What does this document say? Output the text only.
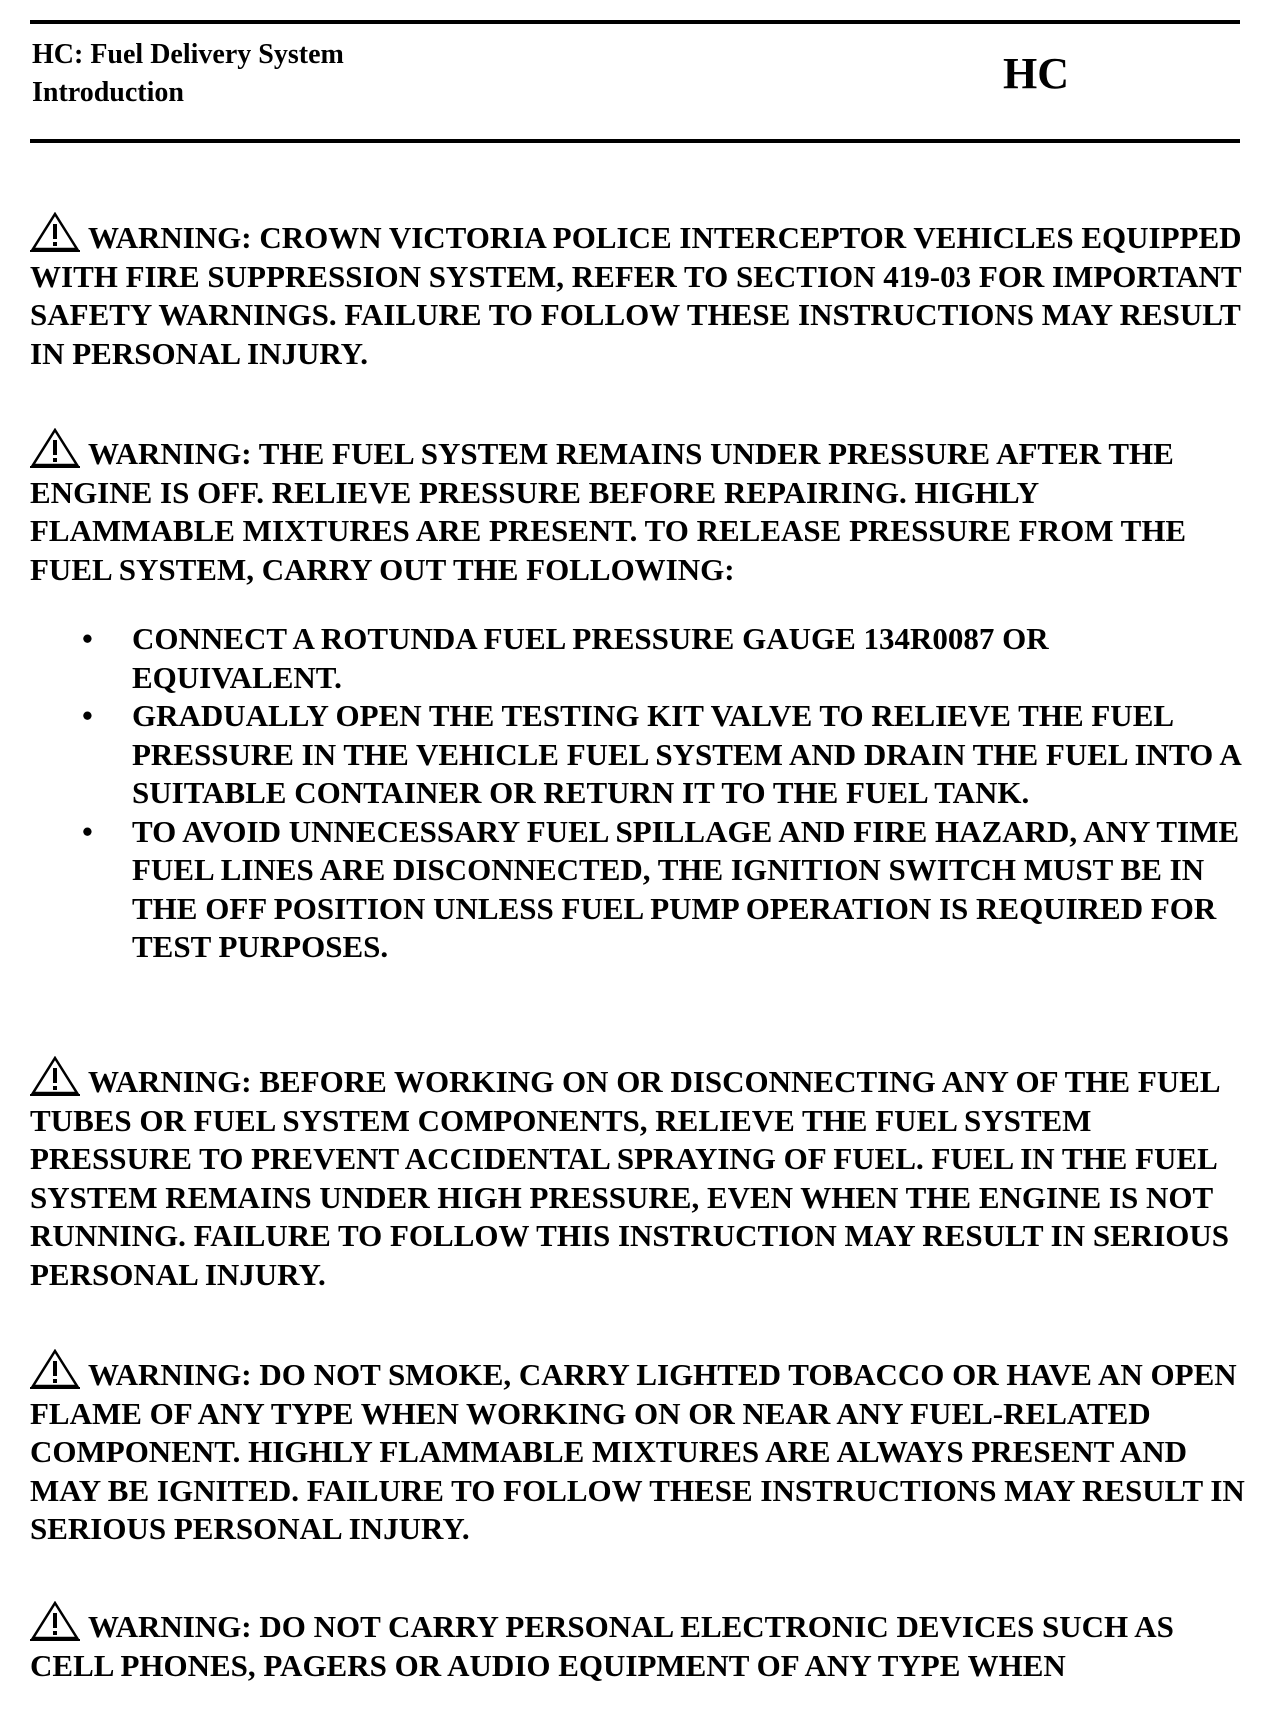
HC: Fuel Delivery System
Introduction	HC
WARNING: CROWN VICTORIA POLICE INTERCEPTOR VEHICLES EQUIPPED WITH FIRE SUPPRESSION SYSTEM, REFER TO SECTION 419-03 FOR IMPORTANT SAFETY WARNINGS. FAILURE TO FOLLOW THESE INSTRUCTIONS MAY RESULT IN PERSONAL INJURY.
WARNING: THE FUEL SYSTEM REMAINS UNDER PRESSURE AFTER THE ENGINE IS OFF. RELIEVE PRESSURE BEFORE REPAIRING. HIGHLY FLAMMABLE MIXTURES ARE PRESENT. TO RELEASE PRESSURE FROM THE FUEL SYSTEM, CARRY OUT THE FOLLOWING:
• CONNECT A ROTUNDA FUEL PRESSURE GAUGE 134R0087 OR EQUIVALENT.
• GRADUALLY OPEN THE TESTING KIT VALVE TO RELIEVE THE FUEL PRESSURE IN THE VEHICLE FUEL SYSTEM AND DRAIN THE FUEL INTO A SUITABLE CONTAINER OR RETURN IT TO THE FUEL TANK.
• TO AVOID UNNECESSARY FUEL SPILLAGE AND FIRE HAZARD, ANY TIME FUEL LINES ARE DISCONNECTED, THE IGNITION SWITCH MUST BE IN THE OFF POSITION UNLESS FUEL PUMP OPERATION IS REQUIRED FOR TEST PURPOSES.
WARNING: BEFORE WORKING ON OR DISCONNECTING ANY OF THE FUEL TUBES OR FUEL SYSTEM COMPONENTS, RELIEVE THE FUEL SYSTEM PRESSURE TO PREVENT ACCIDENTAL SPRAYING OF FUEL. FUEL IN THE FUEL SYSTEM REMAINS UNDER HIGH PRESSURE, EVEN WHEN THE ENGINE IS NOT RUNNING. FAILURE TO FOLLOW THIS INSTRUCTION MAY RESULT IN SERIOUS PERSONAL INJURY.
WARNING: DO NOT SMOKE, CARRY LIGHTED TOBACCO OR HAVE AN OPEN FLAME OF ANY TYPE WHEN WORKING ON OR NEAR ANY FUEL-RELATED COMPONENT. HIGHLY FLAMMABLE MIXTURES ARE ALWAYS PRESENT AND MAY BE IGNITED. FAILURE TO FOLLOW THESE INSTRUCTIONS MAY RESULT IN SERIOUS PERSONAL INJURY.
WARNING: DO NOT CARRY PERSONAL ELECTRONIC DEVICES SUCH AS CELL PHONES, PAGERS OR AUDIO EQUIPMENT OF ANY TYPE WHEN
